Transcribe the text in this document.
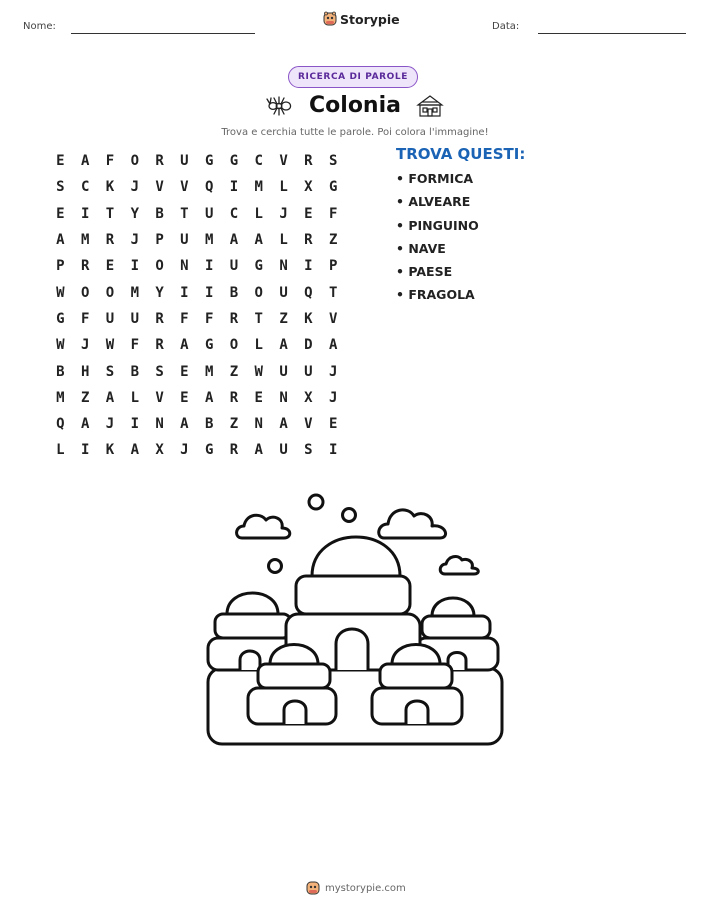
Nome:	Storypie	Data:
RICERCA DI PAROLE
Colonia
Trova e cerchia tutte le parole. Poi colora l'immagine!
E	A	F	O	R	U	G	G	C	V	R	S
S	C	K	J	V	V	Q	I	M	L	X	G
E	I	T	Y	B	T	U	C	L	J	E	F
A	M	R	J	P	U	M	A	A	L	R	Z
P	R	E	I	O	N	I	U	G	N	I	P
W	O	O	M	Y	I	I	B	O	U	Q	T
G	F	U	U	R	F	F	R	T	Z	K	V
W	J	W	F	R	A	G	O	L	A	D	A
B	H	S	B	S	E	M	Z	W	U	U	J
M	Z	A	L	V	E	A	R	E	N	X	J
Q	A	J	I	N	A	B	Z	N	A	V	E
L	I	K	A	X	J	G	R	A	U	S	I
TROVA QUESTI:
• FORMICA
• ALVEARE
• PINGUINO
• NAVE
• PAESE
• FRAGOLA
mystorypie.com
